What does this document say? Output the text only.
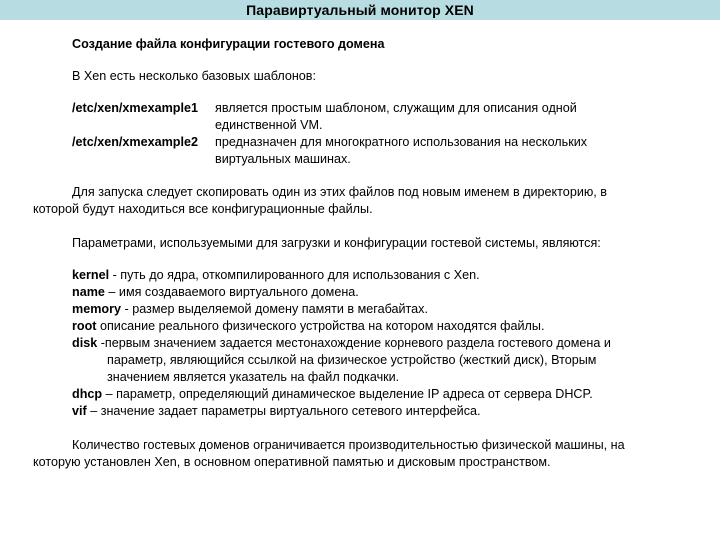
Паравиртуальный монитор XEN
Создание файла конфигурации гостевого домена
В Xen есть несколько базовых шаблонов:
/etc/xen/xmexample1 является простым шаблоном, служащим для описания одной
единственной VM.
/etc/xen/xmexample2 предназначен для многократного использования на нескольких
виртуальных машинах.
Для запуска следует скопировать один из этих файлов под новым именем в директорию, в
которой будут находиться все конфигурационные файлы.
Параметрами, используемыми для загрузки и конфигурации гостевой системы, являются:
kernel - путь до ядра, откомпилированного для использования с Xen.
name – имя создаваемого виртуального домена.
memory - размер выделяемой домену памяти в мегабайтах.
root описание реального физического устройства на котором находятся файлы.
disk -первым значением задается местонахождение корневого раздела гостевого домена и
параметр, являющийся ссылкой на физическое устройство (жесткий диск), Вторым
значением является указатель на файл подкачки.
dhcp – параметр, определяющий динамическое выделение IP адреса от сервера DHCP.
vif – значение задает параметры виртуального сетевого интерфейса.
Количество гостевых доменов ограничивается производительностью физической машины, на
которую установлен Xen, в основном оперативной памятью и дисковым пространством.
